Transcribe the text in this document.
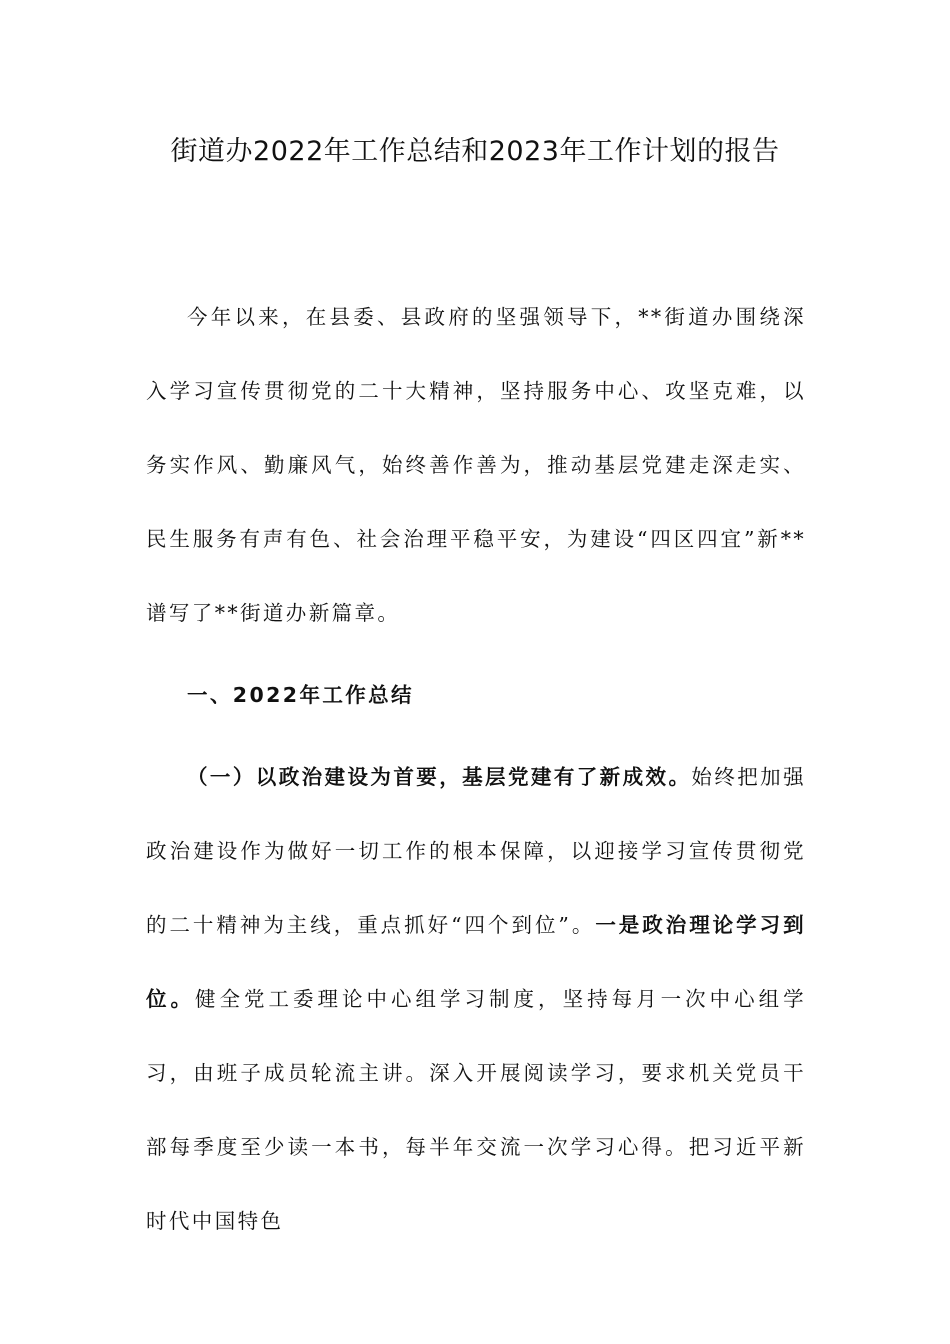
街道办2022年工作总结和2023年工作计划的报告

今年以来，在县委、县政府的坚强领导下，**街道办围绕深入学习宣传贯彻党的二十大精神，坚持服务中心、攻坚克难，以务实作风、勤廉风气，始终善作善为，推动基层党建走深走实、民生服务有声有色、社会治理平稳平安，为建设“四区四宜”新**谱写了**街道办新篇章。

一、2022年工作总结

（一）以政治建设为首要，基层党建有了新成效。始终把加强政治建设作为做好一切工作的根本保障，以迎接学习宣传贯彻党的二十精神为主线，重点抓好“四个到位”。一是政治理论学习到位。健全党工委理论中心组学习制度，坚持每月一次中心组学习，由班子成员轮流主讲。深入开展阅读学习，要求机关党员干部每季度至少读一本书，每半年交流一次学习心得。把习近平新时代中国特色
